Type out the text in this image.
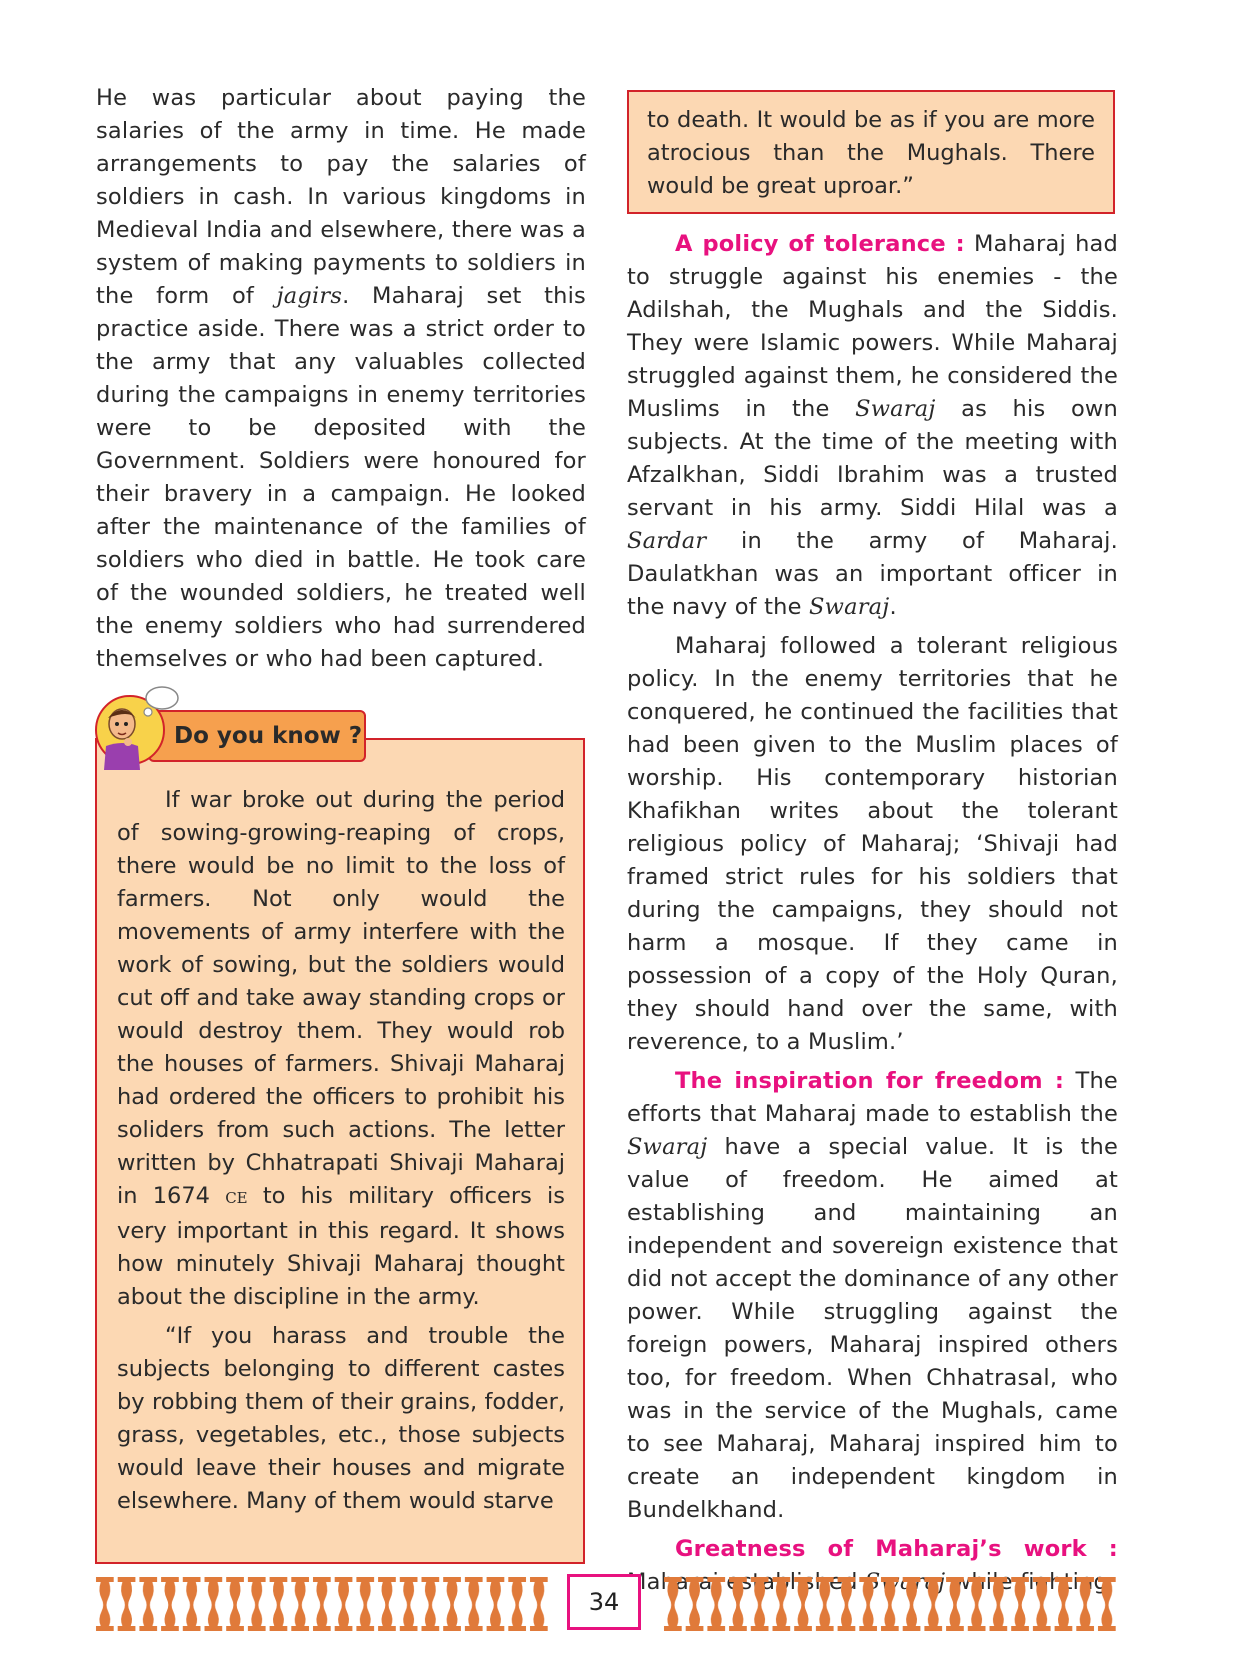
He was particular about paying the salaries of the army in time. He made arrangements to pay the salaries of soldiers in cash. In various kingdoms in Medieval India and elsewhere, there was a system of making payments to soldiers in the form of jagirs. Maharaj set this practice aside. There was a strict order to the army that any valuables collected during the campaigns in enemy territories were to be deposited with the Government. Soldiers were honoured for their bravery in a campaign. He looked after the maintenance of the families of soldiers who died in battle. He took care of the wounded soldiers, he treated well the enemy soldiers who had surrendered themselves or who had been captured.

If war broke out during the period of sowing-growing-reaping of crops, there would be no limit to the loss of farmers. Not only would the movements of army interfere with the work of sowing, but the soldiers would cut off and take away standing crops or would destroy them. They would rob the houses of farmers. Shivaji Maharaj had ordered the officers to prohibit his soliders from such actions. The letter written by Chhatrapati Shivaji Maharaj in 1674 CE to his military officers is very important in this regard. It shows how minutely Shivaji Maharaj thought about the discipline in the army.

“If you harass and trouble the subjects belonging to different castes by robbing them of their grains, fodder, grass, vegetables, etc., those subjects would leave their houses and migrate elsewhere. Many of them would starve

Do you know ?

to death. It would be as if you are more atrocious than the Mughals. There would be great uproar.”

A policy of tolerance : Maharaj had to struggle against his enemies - the Adilshah, the Mughals and the Siddis. They were Islamic powers. While Maharaj struggled against them, he considered the Muslims in the Swaraj as his own subjects. At the time of the meeting with Afzalkhan, Siddi Ibrahim was a trusted servant in his army. Siddi Hilal was a Sardar in the army of Maharaj. Daulatkhan was an important officer in the navy of the Swaraj.

Maharaj followed a tolerant religious policy. In the enemy territories that he conquered, he continued the facilities that had been given to the Muslim places of worship. His contemporary historian Khafikhan writes about the tolerant religious policy of Maharaj; ‘Shivaji had framed strict rules for his soldiers that during the campaigns, they should not harm a mosque. If they came in possession of a copy of the Holy Quran, they should hand over the same, with reverence, to a Muslim.’

The inspiration for freedom : The efforts that Maharaj made to establish the Swaraj have a special value. It is the value of freedom. He aimed at establishing and maintaining an independent and sovereign existence that did not accept the dominance of any other power. While struggling against the foreign powers, Maharaj inspired others too, for freedom. When Chhatrasal, who was in the service of the Mughals, came to see Maharaj, Maharaj inspired him to create an independent kingdom in Bundelkhand.

Greatness of Maharaj’s work :

34
